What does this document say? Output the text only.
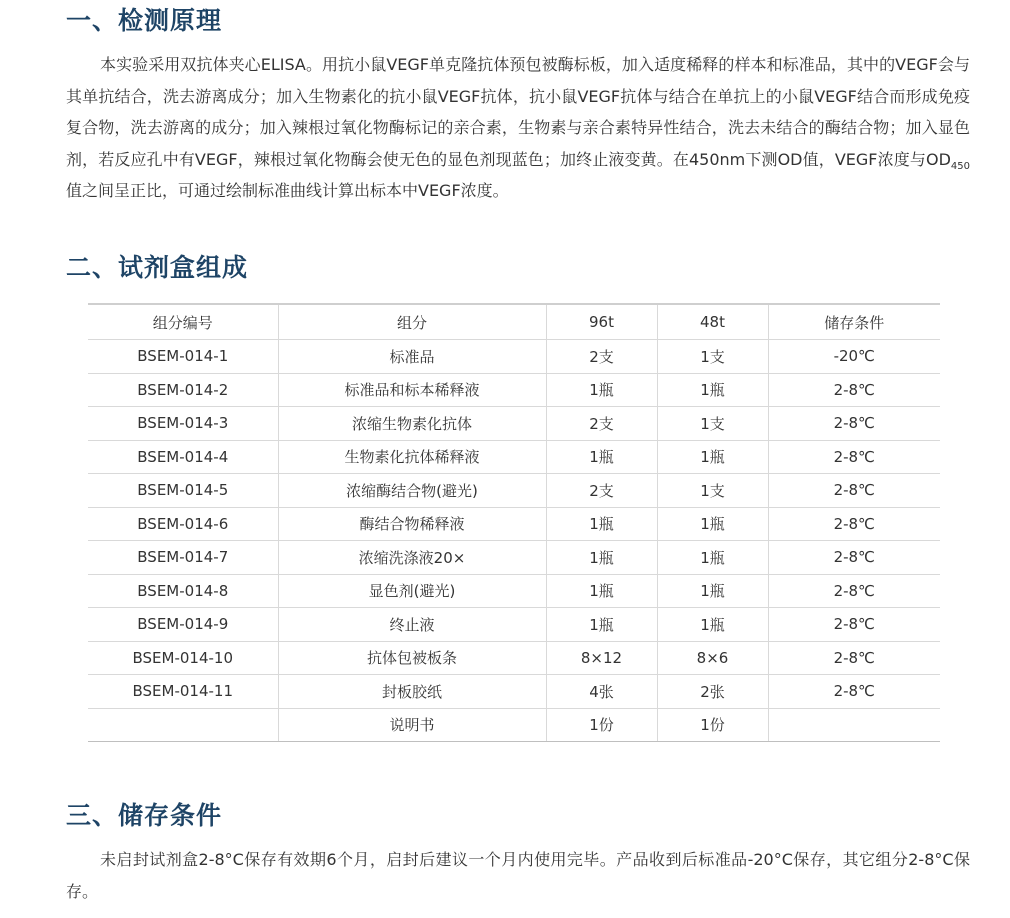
一、检测原理

本实验采用双抗体夹心ELISA。用抗小鼠VEGF单克隆抗体预包被酶标板，加入适度稀释的样本和标准品，其中的VEGF会与其单抗结合，洗去游离成分；加入生物素化的抗小鼠VEGF抗体，抗小鼠VEGF抗体与结合在单抗上的小鼠VEGF结合而形成免疫复合物，洗去游离的成分；加入辣根过氧化物酶标记的亲合素，生物素与亲合素特异性结合，洗去未结合的酶结合物；加入显色剂，若反应孔中有VEGF，辣根过氧化物酶会使无色的显色剂现蓝色；加终止液变黄。在450nm下测OD值，VEGF浓度与$OD_{450}$值之间呈正比，可通过绘制标准曲线计算出标本中VEGF浓度。

二、试剂盒组成
组分编号	组分	96t	48t	储存条件
BSEM-014-1	标准品	2支	1支	-20℃
BSEM-014-2	标准品和标本稀释液	1瓶	1瓶	2-8℃
BSEM-014-3	浓缩生物素化抗体	2支	1支	2-8℃
BSEM-014-4	生物素化抗体稀释液	1瓶	1瓶	2-8℃
BSEM-014-5	浓缩酶结合物(避光)	2支	1支	2-8℃
BSEM-014-6	酶结合物稀释液	1瓶	1瓶	2-8℃
BSEM-014-7	浓缩洗涤液20×	1瓶	1瓶	2-8℃
BSEM-014-8	显色剂(避光)	1瓶	1瓶	2-8℃
BSEM-014-9	终止液	1瓶	1瓶	2-8℃
BSEM-014-10	抗体包被板条	8×12	8×6	2-8℃
BSEM-014-11	封板胶纸	4张	2张	2-8℃
	说明书	1份	1份	
三、储存条件

未启封试剂盒2-8°C保存有效期6个月，启封后建议一个月内使用完毕。产品收到后标准品-20°C保存，其它组分2-8°C保存。
